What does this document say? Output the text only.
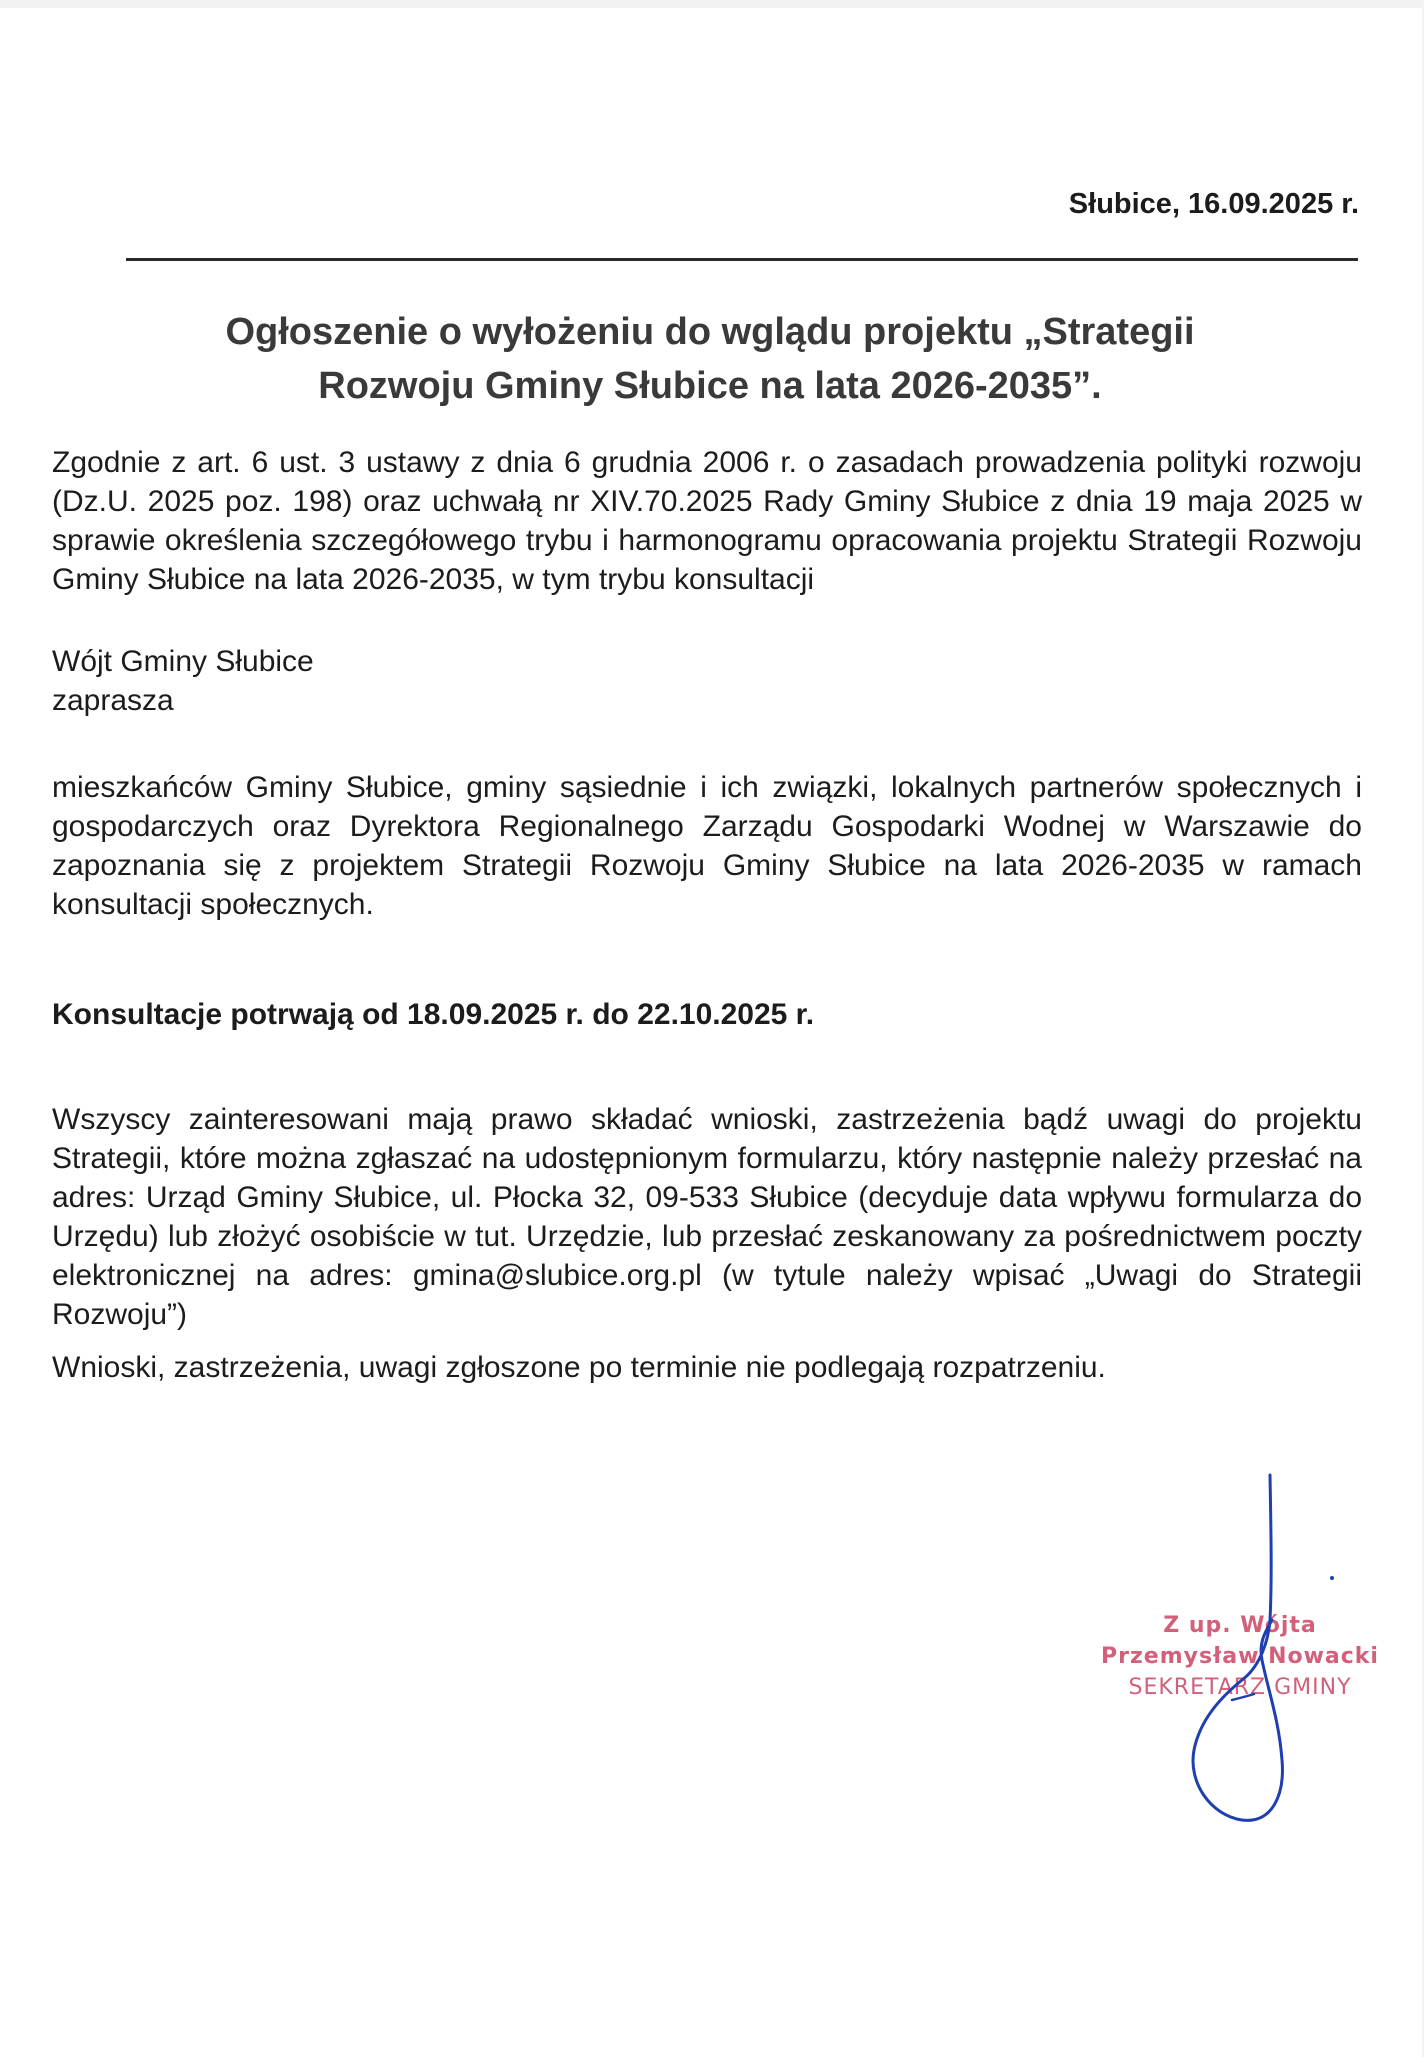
Słubice, 16.09.2025 r.

Ogłoszenie o wyłożeniu do wglądu projektu „Strategii
Rozwoju Gminy Słubice na lata 2026-2035”.

Zgodnie z art. 6 ust. 3 ustawy z dnia 6 grudnia 2006 r. o zasadach prowadzenia polityki rozwoju (Dz.U. 2025 poz. 198) oraz uchwałą nr XIV.70.2025 Rady Gminy Słubice z dnia 19 maja 2025 w sprawie określenia szczegółowego trybu i harmonogramu opracowania projektu Strategii Rozwoju Gminy Słubice na lata 2026-2035, w tym trybu konsultacji

Wójt Gminy Słubice
zaprasza

mieszkańców Gminy Słubice, gminy sąsiednie i ich związki, lokalnych partnerów społecznych i gospodarczych oraz Dyrektora Regionalnego Zarządu Gospodarki Wodnej w Warszawie do zapoznania się z projektem Strategii Rozwoju Gminy Słubice na lata 2026-2035 w ramach konsultacji społecznych.

Konsultacje potrwają od 18.09.2025 r. do 22.10.2025 r.

Wszyscy zainteresowani mają prawo składać wnioski, zastrzeżenia bądź uwagi do projektu Strategii, które można zgłaszać na udostępnionym formularzu, który następnie należy przesłać na adres: Urząd Gminy Słubice, ul. Płocka 32, 09-533 Słubice (decyduje data wpływu formularza do Urzędu) lub złożyć osobiście w tut. Urzędzie, lub przesłać zeskanowany za pośrednictwem poczty elektronicznej na adres: gmina@slubice.org.pl (w tytule należy wpisać „Uwagi do Strategii Rozwoju”)

Wnioski, zastrzeżenia, uwagi zgłoszone po terminie nie podlegają rozpatrzeniu.

Z up. Wójta
Przemysław Nowacki
SEKRETARZ GMINY
